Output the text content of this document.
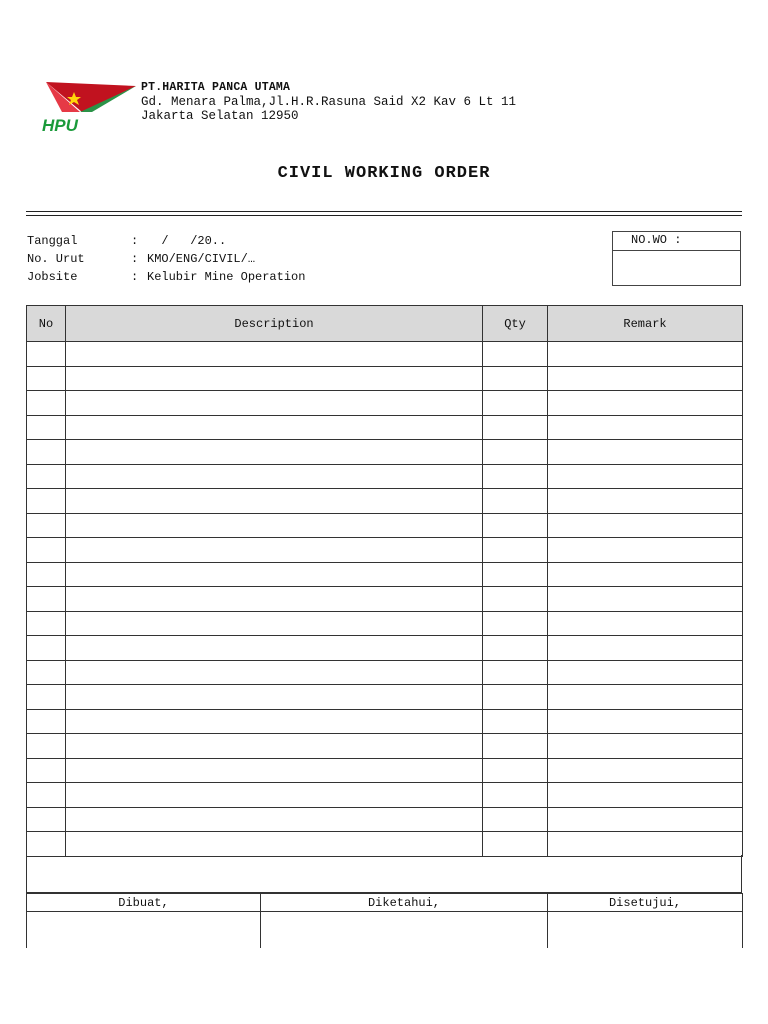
HPU
PT.HARITA PANCA UTAMA
Gd. Menara Palma,Jl.H.R.Rasuna Said X2 Kav 6 Lt 11
Jakarta Selatan 12950
CIVIL WORKING ORDER
Tanggal	: /   /20..
No. Urut	: KMO/ENG/CIVIL/…
Jobsite	: Kelubir Mine Operation
NO.WO :
No	Description	Qty	Remark

Dibuat,	Diketahui,	Disetujui,
